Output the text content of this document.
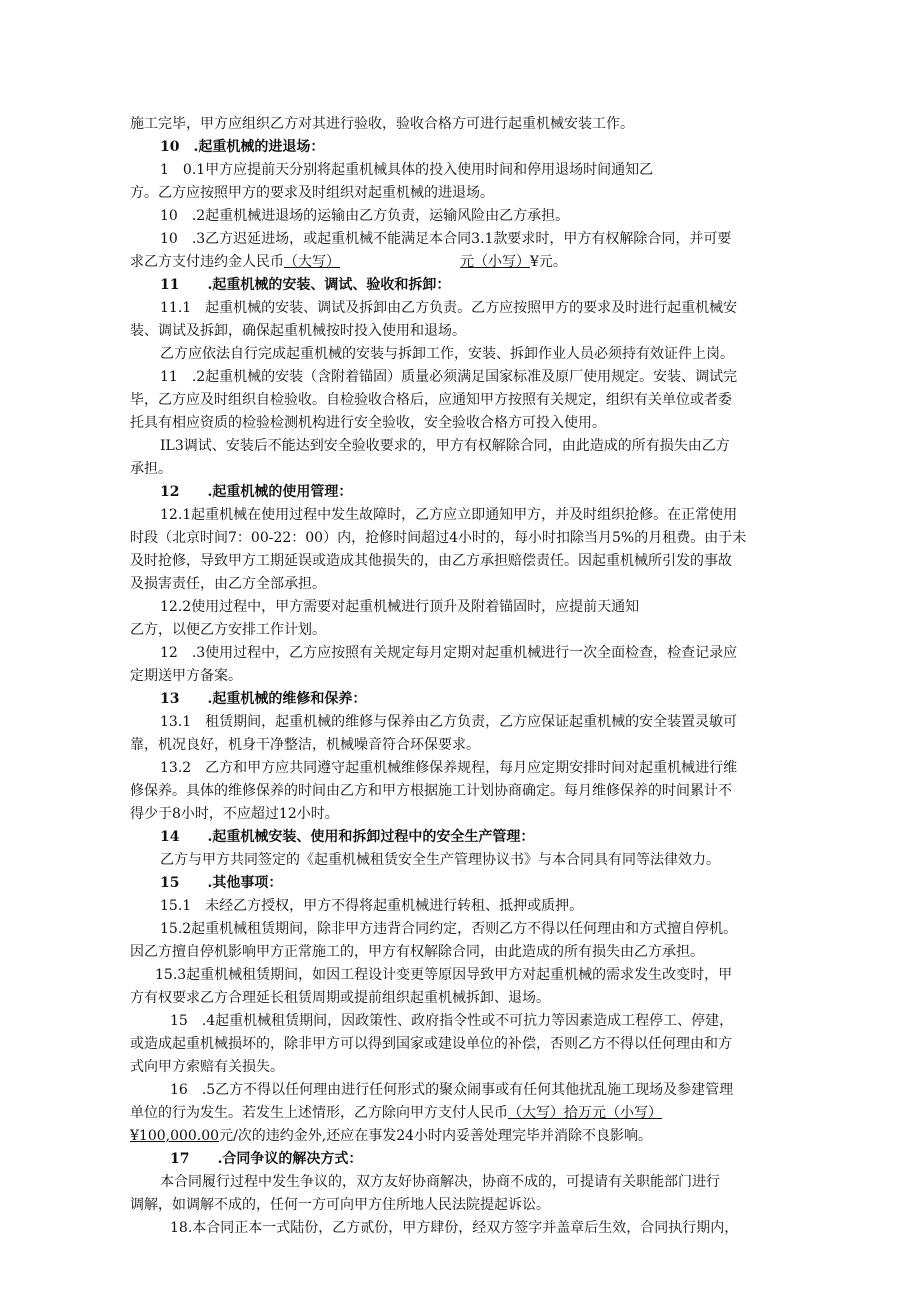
施工完毕，甲方应组织乙方对其进行验收，验收合格方可进行起重机械安装工作。
10　.起重机械的进退场：
1　0.1甲方应提前天分别将起重机械具体的投入使用时间和停用退场时间通知乙
方。乙方应按照甲方的要求及时组织对起重机械的进退场。
10　.2起重机械进退场的运输由乙方负责，运输风险由乙方承担。
10　.3乙方迟延进场，或起重机械不能满足本合同3.1款要求时，甲方有权解除合同，并可要
求乙方支付违约金人民币（大写）	元（小写）¥元。
11　　.起重机械的安装、调试、验收和拆卸：
11.1　起重机械的安装、调试及拆卸由乙方负责。乙方应按照甲方的要求及时进行起重机械安
装、调试及拆卸，确保起重机械按时投入使用和退场。
乙方应依法自行完成起重机械的安装与拆卸工作，安装、拆卸作业人员必须持有效证件上岗。
11　.2起重机械的安装（含附着锚固）质量必须满足国家标准及原厂使用规定。安装、调试完
毕，乙方应及时组织自检验收。自检验收合格后，应通知甲方按照有关规定，组织有关单位或者委
托具有相应资质的检验检测机构进行安全验收，安全验收合格方可投入使用。
IL3调试、安装后不能达到安全验收要求的，甲方有权解除合同，由此造成的所有损失由乙方
承担。
12　　.起重机械的使用管理：
12.1起重机械在使用过程中发生故障时，乙方应立即通知甲方，并及时组织抢修。在正常使用
时段（北京时间7：00-22：00）内，抢修时间超过4小时的，每小时扣除当月5%的月租费。由于未
及时抢修，导致甲方工期延误或造成其他损失的，由乙方承担赔偿责任。因起重机械所引发的事故
及损害责任，由乙方全部承担。
12.2使用过程中，甲方需要对起重机械进行顶升及附着锚固时，应提前天通知
乙方，以便乙方安排工作计划。
12　.3使用过程中，乙方应按照有关规定每月定期对起重机械进行一次全面检查，检查记录应
定期送甲方备案。
13　　.起重机械的维修和保养：
13.1　租赁期间，起重机械的维修与保养由乙方负责，乙方应保证起重机械的安全装置灵敏可
靠，机况良好，机身干净整洁，机械噪音符合环保要求。
13.2　乙方和甲方应共同遵守起重机械维修保养规程，每月应定期安排时间对起重机械进行维
修保养。具体的维修保养的时间由乙方和甲方根据施工计划协商确定。每月维修保养的时间累计不
得少于8小时，不应超过12小时。
14　　.起重机械安装、使用和拆卸过程中的安全生产管理：
乙方与甲方共同签定的《起重机械租赁安全生产管理协议书》与本合同具有同等法律效力。
15　　.其他事项：
15.1　未经乙方授权，甲方不得将起重机械进行转租、抵押或质押。
15.2起重机械租赁期间，除非甲方违背合同约定，否则乙方不得以任何理由和方式擅自停机。
因乙方擅自停机影响甲方正常施工的，甲方有权解除合同，由此造成的所有损失由乙方承担。
15.3起重机械租赁期间，如因工程设计变更等原因导致甲方对起重机械的需求发生改变时，甲
方有权要求乙方合理延长租赁周期或提前组织起重机械拆卸、退场。
15　.4起重机械租赁期间，因政策性、政府指令性或不可抗力等因素造成工程停工、停建，
或造成起重机械损坏的，除非甲方可以得到国家或建设单位的补偿，否则乙方不得以任何理由和方
式向甲方索赔有关损失。
16　.5乙方不得以任何理由进行任何形式的聚众闹事或有任何其他扰乱施工现场及参建管理
单位的行为发生。若发生上述情形，乙方除向甲方支付人民币（大写）拾万元（小写）
¥100,000.00元/次的违约金外,还应在事发24小时内妥善处理完毕并消除不良影响。
17　　.合同争议的解决方式：
本合同履行过程中发生争议的，双方友好协商解决，协商不成的，可提请有关职能部门进行
调解，如调解不成的，任何一方可向甲方住所地人民法院提起诉讼。
18.本合同正本一式陆份，乙方贰份，甲方肆份，经双方签字并盖章后生效，合同执行期内，
